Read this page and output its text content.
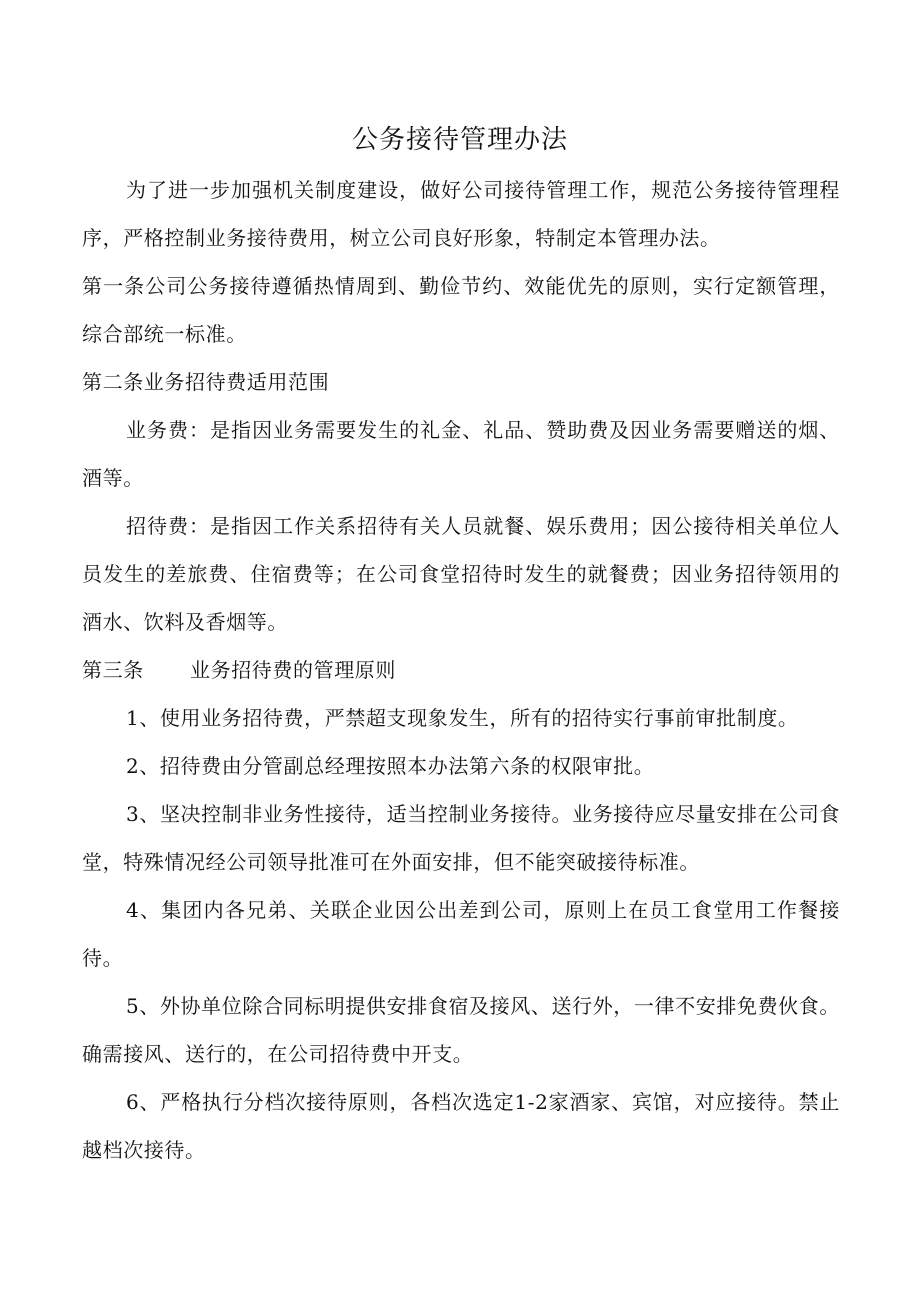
公务接待管理办法

为了进一步加强机关制度建设，做好公司接待管理工作，规范公务接待管理程序，严格控制业务接待费用，树立公司良好形象，特制定本管理办法。

第一条公司公务接待遵循热情周到、勤俭节约、效能优先的原则，实行定额管理，综合部统一标准。

第二条业务招待费适用范围

业务费：是指因业务需要发生的礼金、礼品、赞助费及因业务需要赠送的烟、酒等。

招待费：是指因工作关系招待有关人员就餐、娱乐费用；因公接待相关单位人员发生的差旅费、住宿费等；在公司食堂招待时发生的就餐费；因业务招待领用的酒水、饮料及香烟等。

第三条 业务招待费的管理原则

1、使用业务招待费，严禁超支现象发生，所有的招待实行事前审批制度。

2、招待费由分管副总经理按照本办法第六条的权限审批。

3、坚决控制非业务性接待，适当控制业务接待。业务接待应尽量安排在公司食堂，特殊情况经公司领导批准可在外面安排，但不能突破接待标准。

4、集团内各兄弟、关联企业因公出差到公司，原则上在员工食堂用工作餐接待。

5、外协单位除合同标明提供安排食宿及接风、送行外，一律不安排免费伙食。确需接风、送行的，在公司招待费中开支。

6、严格执行分档次接待原则，各档次选定1-2家酒家、宾馆，对应接待。禁止越档次接待。
